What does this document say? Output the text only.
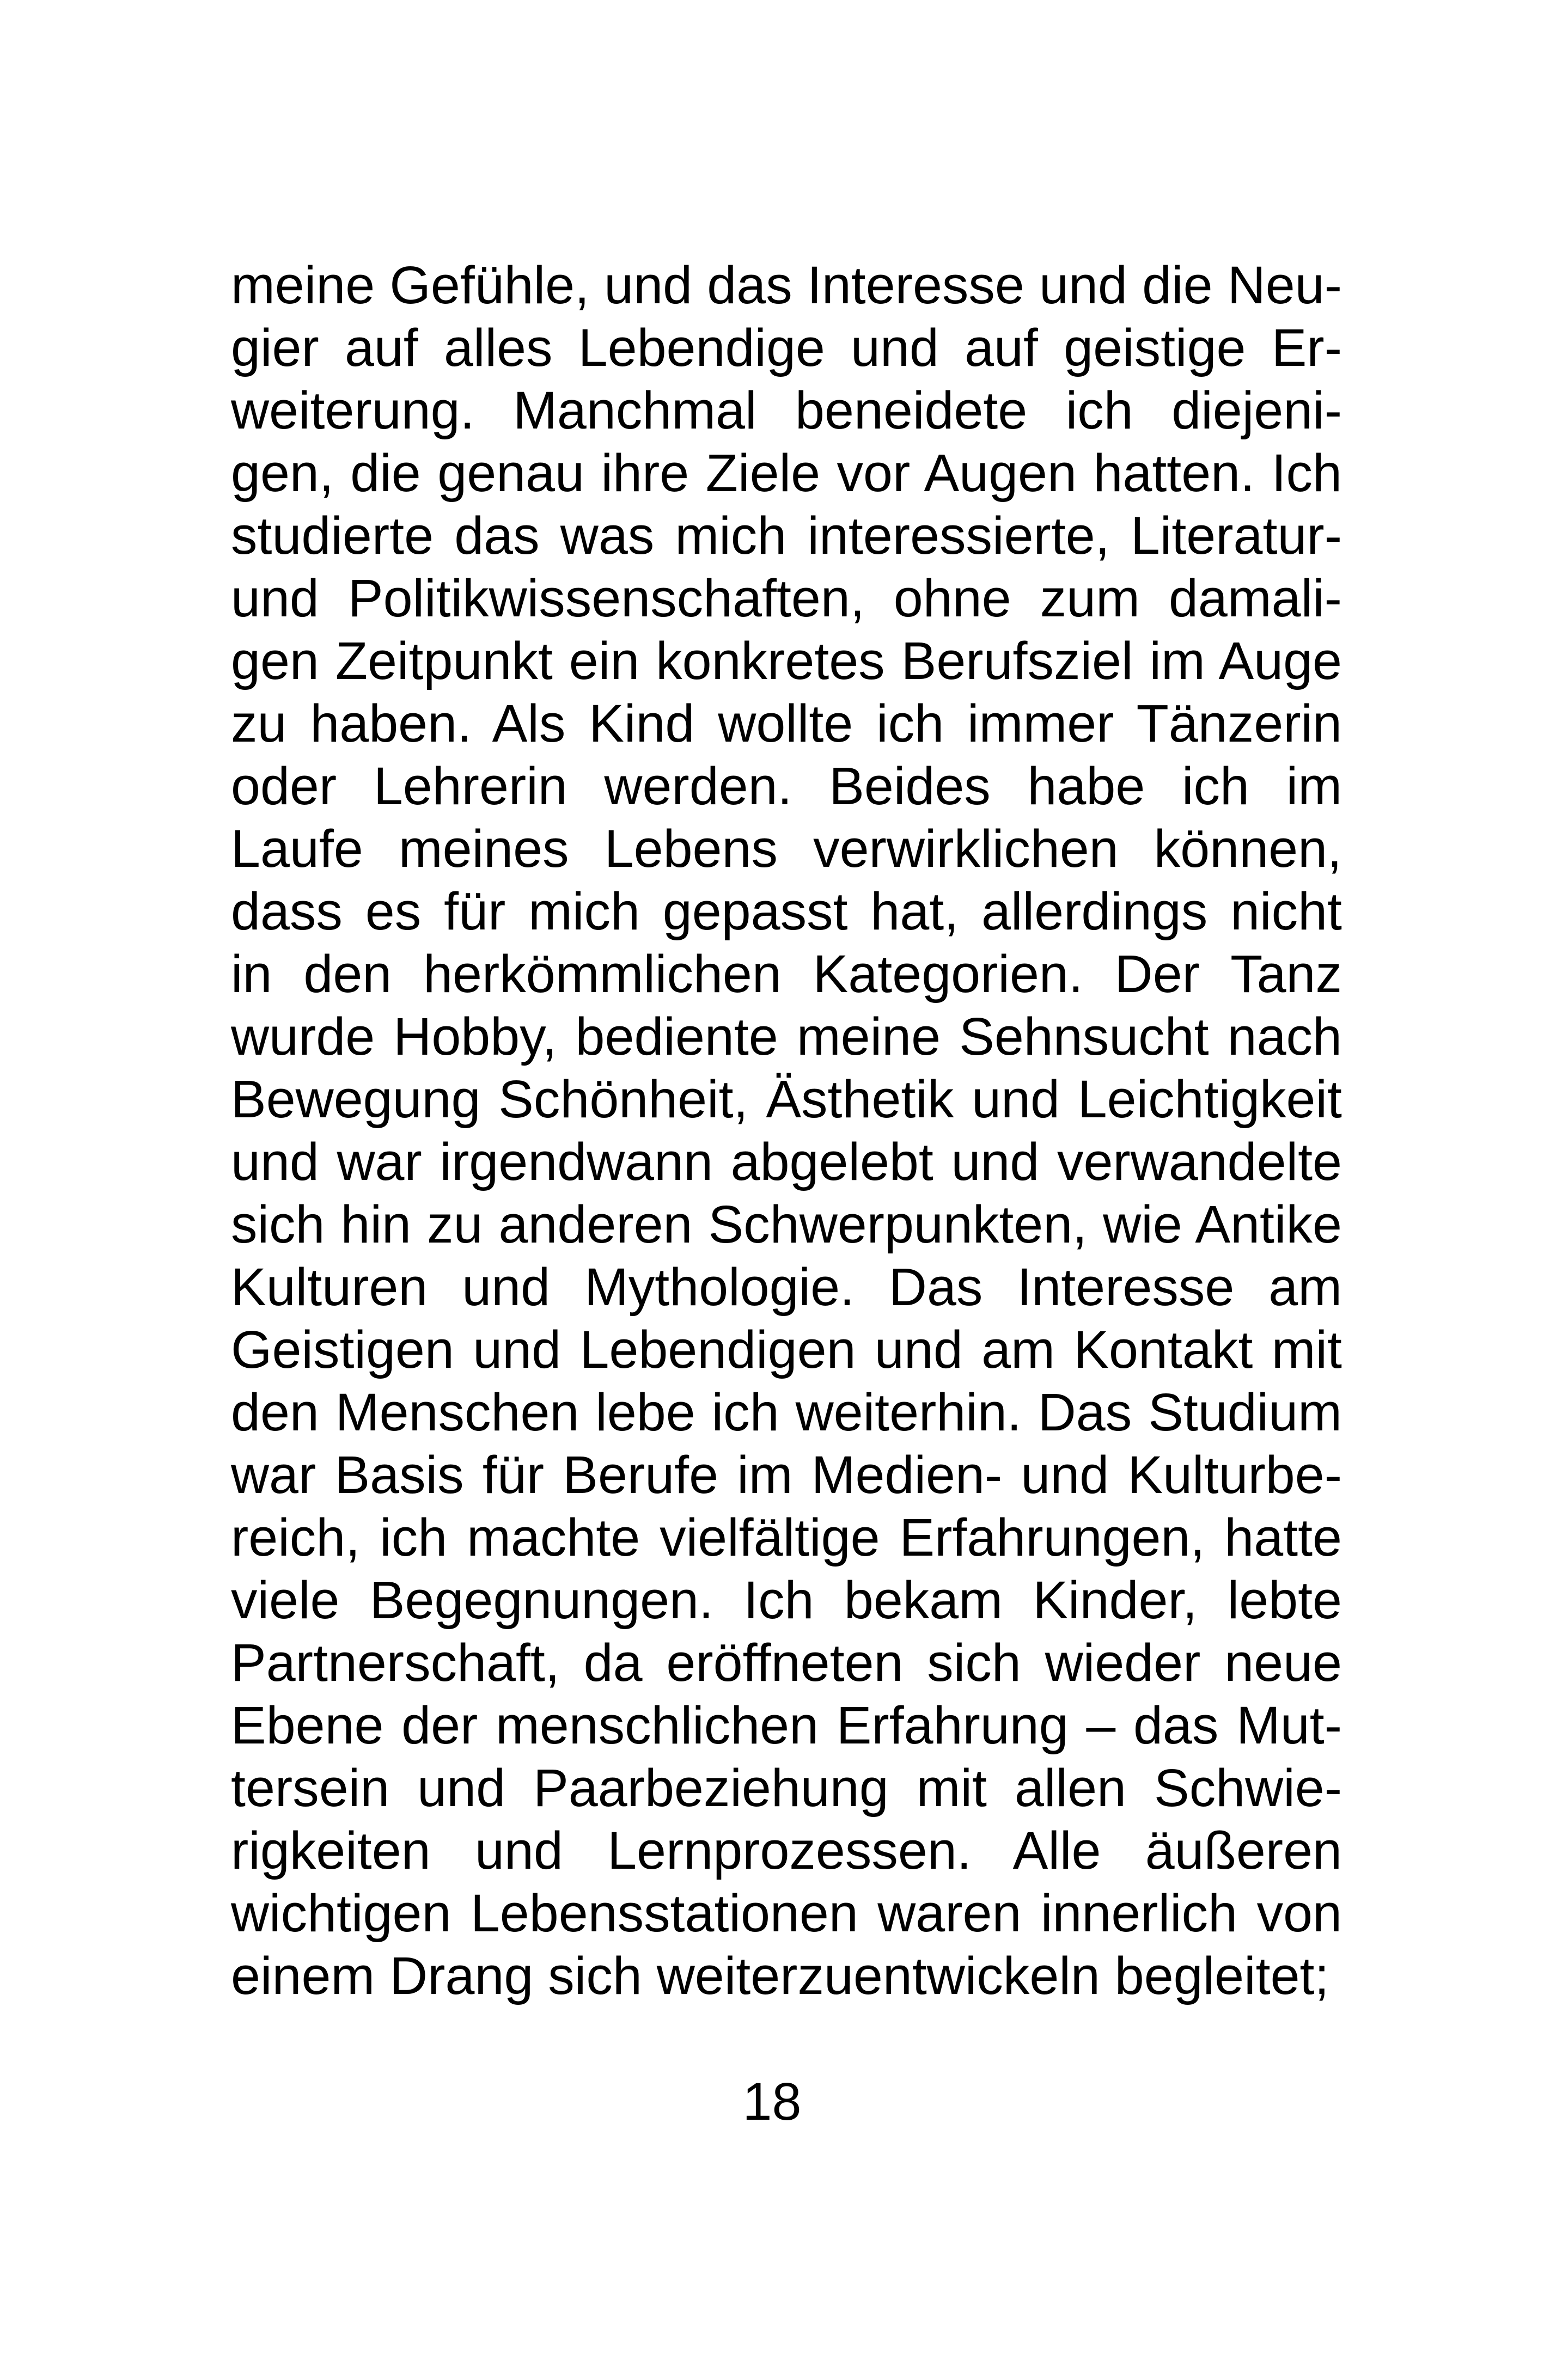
meine Gefühle, und das Interesse und die Neu-
gier auf alles Lebendige und auf geistige Er-
weiterung. Manchmal beneidete ich diejeni-
gen, die genau ihre Ziele vor Augen hatten. Ich
studierte das was mich interessierte, Literatur-
und Politikwissenschaften, ohne zum damali-
gen Zeitpunkt ein konkretes Berufsziel im Auge
zu haben. Als Kind wollte ich immer Tänzerin
oder Lehrerin werden. Beides habe ich im
Laufe meines Lebens verwirklichen können,
dass es für mich gepasst hat, allerdings nicht
in den herkömmlichen Kategorien. Der Tanz
wurde Hobby, bediente meine Sehnsucht nach
Bewegung Schönheit, Ästhetik und Leichtigkeit
und war irgendwann abgelebt und verwandelte
sich hin zu anderen Schwerpunkten, wie Antike
Kulturen und Mythologie. Das Interesse am
Geistigen und Lebendigen und am Kontakt mit
den Menschen lebe ich weiterhin. Das Studium
war Basis für Berufe im Medien- und Kulturbe-
reich, ich machte vielfältige Erfahrungen, hatte
viele Begegnungen. Ich bekam Kinder, lebte
Partnerschaft, da eröffneten sich wieder neue
Ebene der menschlichen Erfahrung – das Mut-
tersein und Paarbeziehung mit allen Schwie-
rigkeiten und Lernprozessen. Alle äußeren
wichtigen Lebensstationen waren innerlich von
einem Drang sich weiterzuentwickeln begleitet;
18
